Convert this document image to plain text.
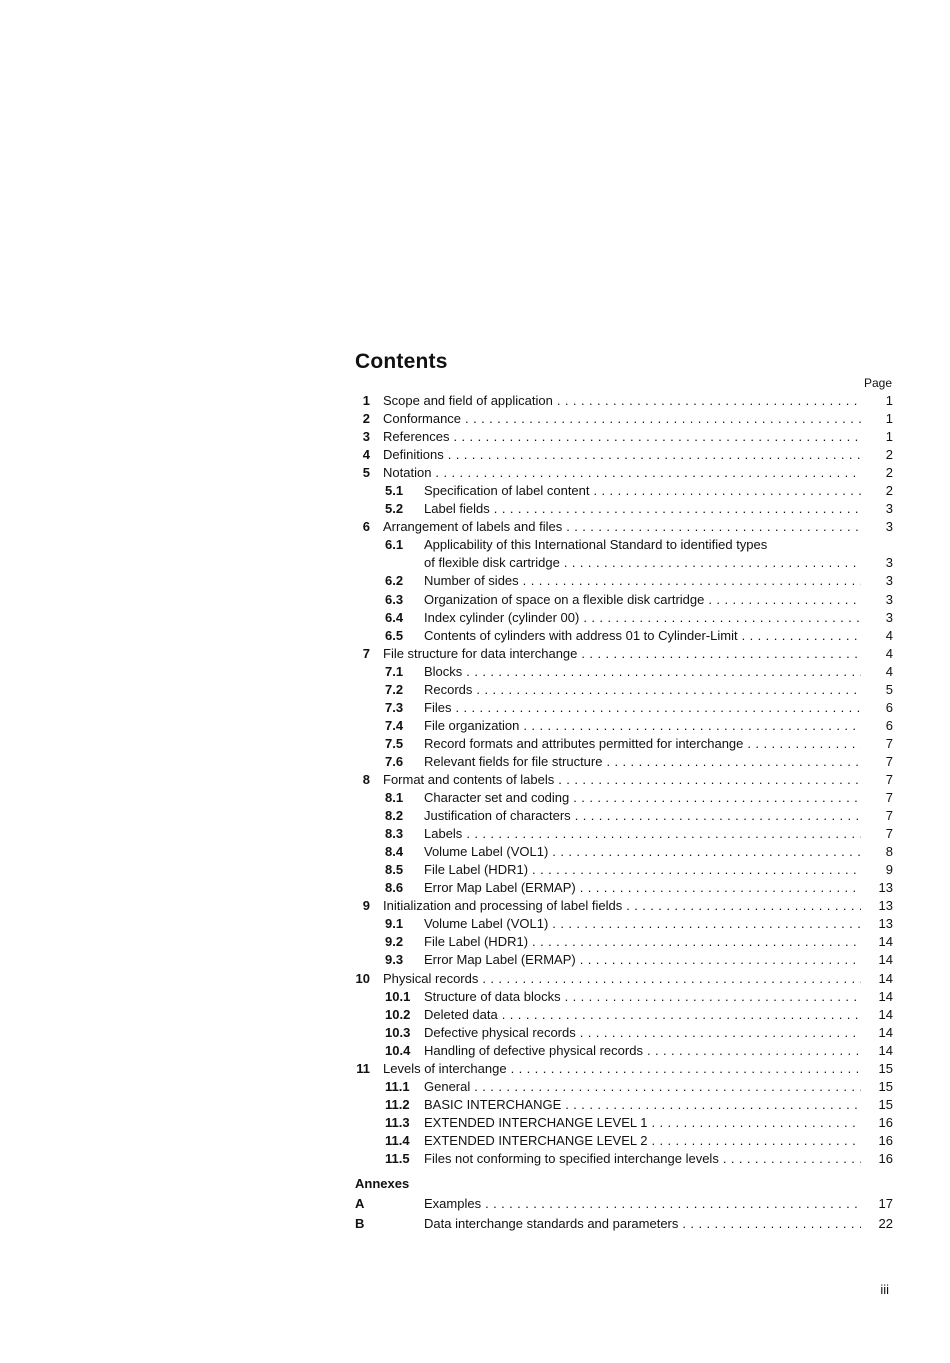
Contents
Page
1 Scope and field of application . . .	1
2 Conformance . . .	1
3 References . . .	1
4 Definitions . . .	2
5 Notation . . .	2
5.1	Specification of label content . . .	2
5.2	Label fields . . .	3
6 Arrangement of labels and files . . .	3
6.1	Applicability of this International Standard to identified types
of flexible disk cartridge . . .	3
6.2	Number of sides . . .	3
6.3	Organization of space on a flexible disk cartridge . . .	3
6.4	Index cylinder (cylinder 00) . . .	3
6.5	Contents of cylinders with address 01 to Cylinder-Limit . . .	4
7 File structure for data interchange . . .	4
7.1	Blocks . . .	4
7.2	Records . . .	5
7.3	Files . . .	6
7.4	File organization . . .	6
7.5	Record formats and attributes permitted for interchange . . .	7
7.6	Relevant fields for file structure . . .	7
8 Format and contents of labels . . .	7
8.1	Character set and coding . . .	7
8.2	Justification of characters . . .	7
8.3	Labels . . .	7
8.4	Volume Label (VOL1) . . .	8
8.5	File Label (HDR1) . . .	9
8.6	Error Map Label (ERMAP) . . .	13
9 Initialization and processing of label fields . . .	13
9.1	Volume Label (VOL1) . . .	13
9.2	File Label (HDR1) . . .	14
9.3	Error Map Label (ERMAP) . . .	14
10 Physical records . . .	14
10.1 Structure of data blocks . . .	14
10.2 Deleted data . . .	14
10.3 Defective physical records . . .	14
10.4 Handling of defective physical records . . .	14
11 Levels of interchange . . .	15
11.1 General . . .	15
11.2 BASIC INTERCHANGE . . .	15
11.3 EXTENDED INTERCHANGE LEVEL 1 . . .	16
11.4 EXTENDED INTERCHANGE LEVEL 2 . . .	16
11.5 Files not conforming to specified interchange levels . . .	16
Annexes
A	Examples . . .	17
B	Data interchange standards and parameters . . .	22
iii
